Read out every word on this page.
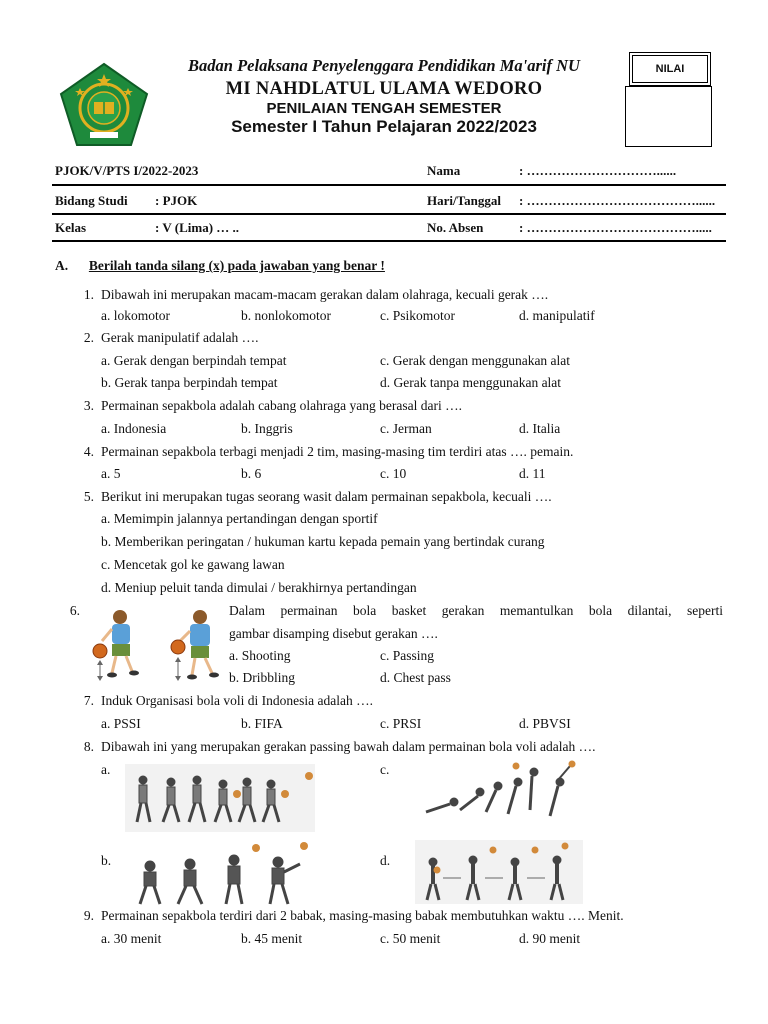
Badan Pelaksana Penyelenggara Pendidikan Ma'arif NU
MI NAHDLATUL ULAMA WEDORO
PENILAIAN TENGAH SEMESTER
Semester I Tahun Pelajaran 2022/2023
NILAI
PJOK/V/PTS I/2022-2023	Nama	: …………………………......
Bidang Studi : PJOK	Hari/Tanggal : …………………………………......
Kelas	: V (Lima) … ..	No. Absen	: ………………………………….....
A. Berilah tanda silang (x) pada jawaban yang benar !
1. Dibawah ini merupakan macam-macam gerakan dalam olahraga, kecuali gerak ….
a. lokomotor	b. nonlokomotor	c. Psikomotor	d. manipulatif
2. Gerak manipulatif adalah ….
a. Gerak dengan berpindah tempat	c. Gerak dengan menggunakan alat
b. Gerak tanpa berpindah tempat	d. Gerak tanpa menggunakan alat
3. Permainan sepakbola adalah cabang olahraga yang berasal dari ….
a. Indonesia	b. Inggris	c. Jerman	d. Italia
4. Permainan sepakbola terbagi menjadi 2 tim, masing-masing tim terdiri atas …. pemain.
a. 5	b. 6	c. 10	d. 11
5. Berikut ini merupakan tugas seorang wasit dalam permainan sepakbola, kecuali ….
a. Memimpin jalannya pertandingan dengan sportif
b. Memberikan peringatan / hukuman kartu kepada pemain yang bertindak curang
c. Mencetak gol ke gawang lawan
d. Meniup peluit tanda dimulai / berakhirnya pertandingan
6.	Dalam permainan bola basket gerakan memantulkan bola dilantai, seperti
gambar disamping disebut gerakan ….
a. Shooting	c. Passing
b. Dribbling	d. Chest pass
7. Induk Organisasi bola voli di Indonesia adalah ….
a. PSSI	b. FIFA	c. PRSI	d. PBVSI
8. Dibawah ini yang merupakan gerakan passing bawah dalam permainan bola voli adalah ….
a.	c.
b.	d.
9. Permainan sepakbola terdiri dari 2 babak, masing-masing babak membutuhkan waktu …. Menit.
a. 30 menit	b. 45 menit	c. 50 menit	d. 90 menit
